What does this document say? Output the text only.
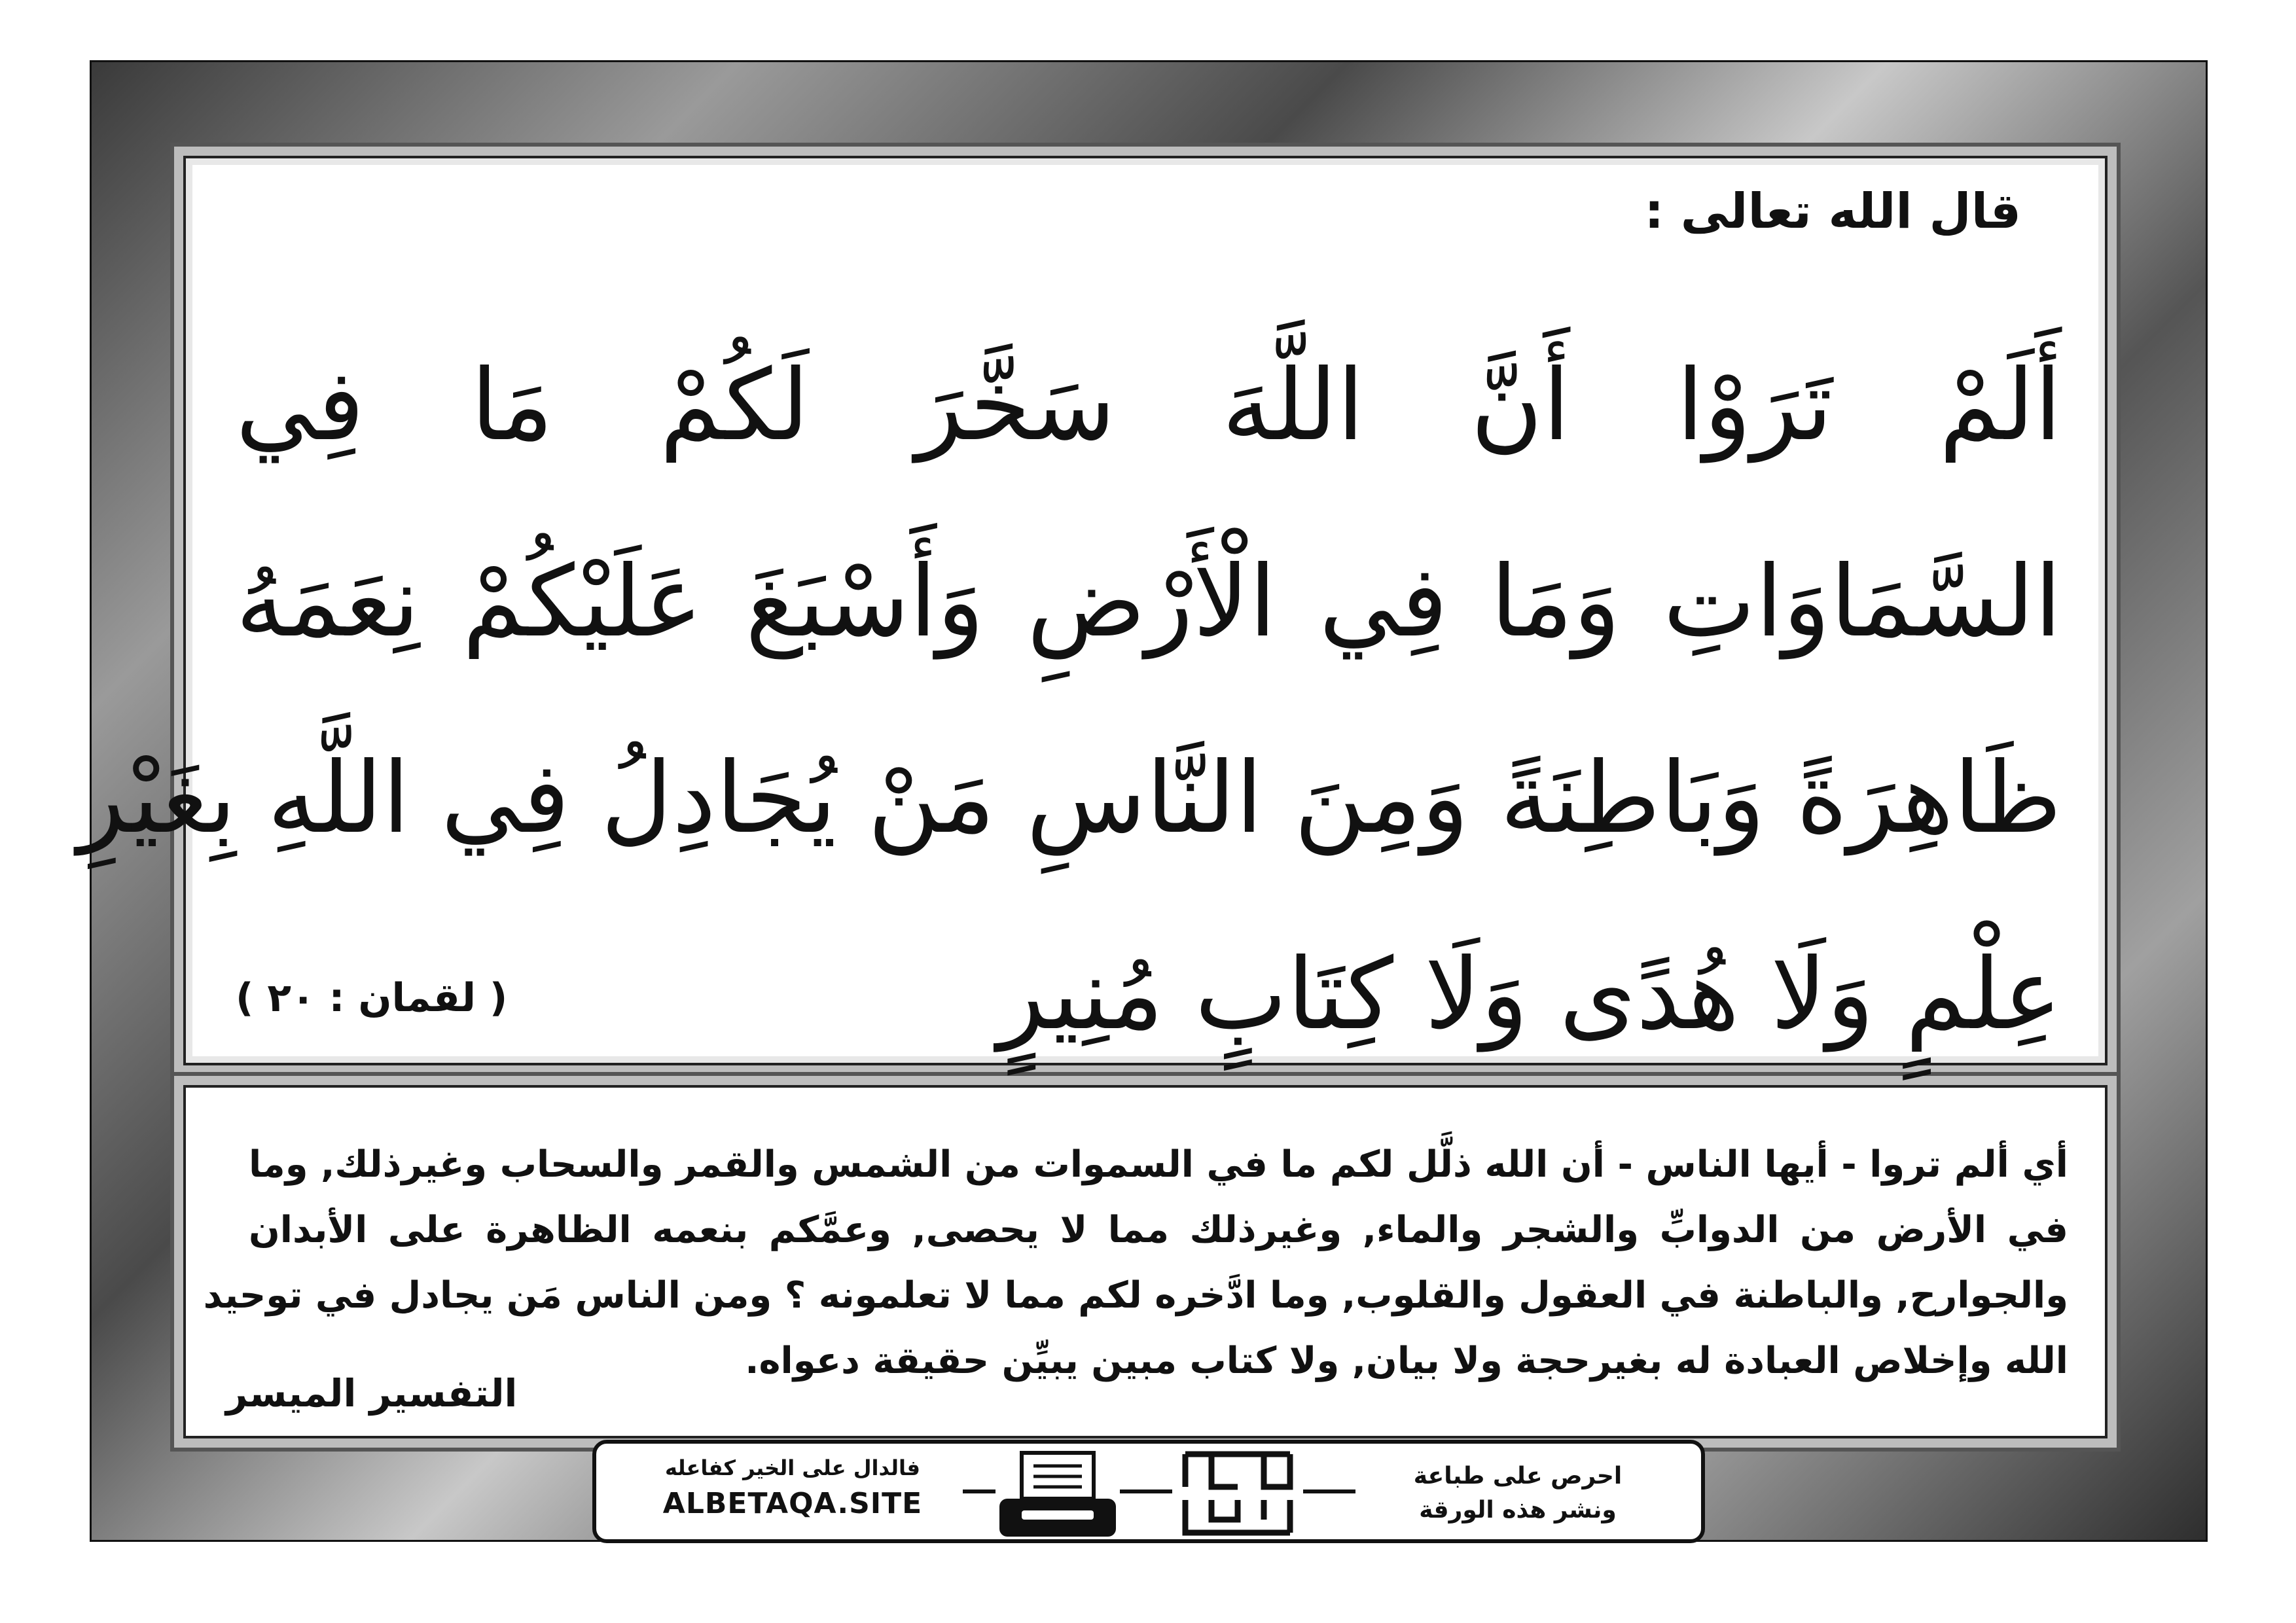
قال الله تعالى :
أَلَمْ تَرَوْا أَنَّ اللَّهَ سَخَّرَ لَكُمْ مَا فِي
السَّمَاوَاتِ وَمَا فِي الْأَرْضِ وَأَسْبَغَ عَلَيْكُمْ نِعَمَهُ
ظَاهِرَةً وَبَاطِنَةً وَمِنَ النَّاسِ مَنْ يُجَادِلُ فِي اللَّهِ بِغَيْرِ
عِلْمٍ وَلَا هُدًى وَلَا كِتَابٍ مُنِيرٍ
( لقمان : ٢٠ )
أي ألم تروا - أيها الناس - أن الله ذلَّل لكم ما في السموات من الشمس والقمر والسحاب وغيرذلك, وما
في الأرض من الدوابِّ والشجر والماء, وغيرذلك مما لا يحصى, وعمَّكم بنعمه الظاهرة على الأبدان
والجوارح, والباطنة في العقول والقلوب, وما ادَّخره لكم مما لا تعلمونه ؟ ومن الناس مَن يجادل في توحيد
الله وإخلاص العبادة له بغيرحجة ولا بيان, ولا كتاب مبين يبيِّن حقيقة دعواه.
التفسير الميسر
فالدال على الخير كفاعله
ALBETAQA.SITE
احرص على طباعة
ونشر هذه الورقة
